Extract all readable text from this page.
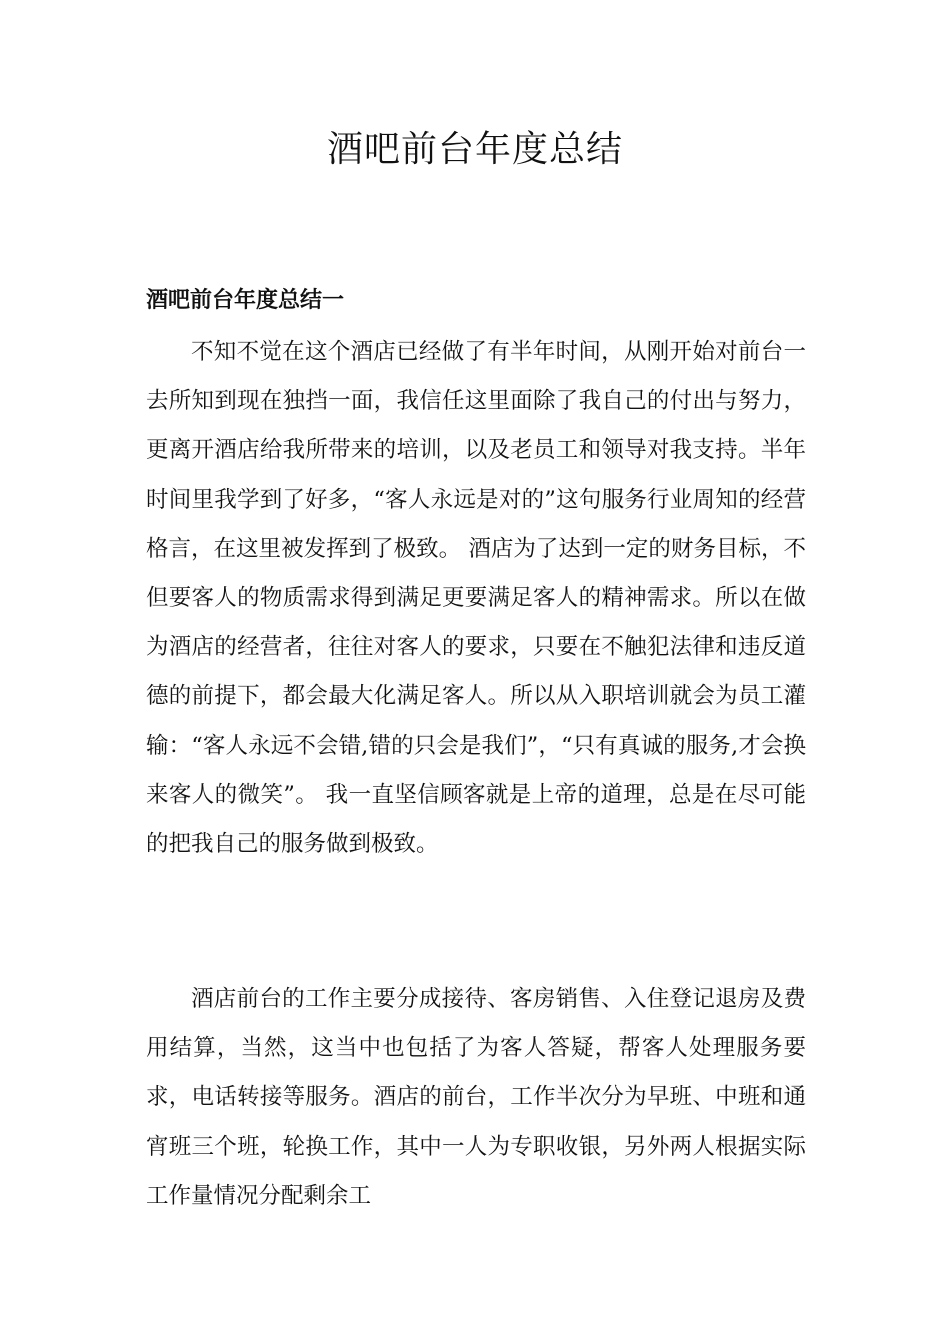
酒吧前台年度总结
酒吧前台年度总结一

不知不觉在这个酒店已经做了有半年时间，从刚开始对前台一去所知到现在独挡一面，我信任这里面除了我自己的付出与努力，更离开酒店给我所带来的培训，以及老员工和领导对我支持。半年时间里我学到了好多，“客人永远是对的”这句服务行业周知的经营格言，在这里被发挥到了极致。 酒店为了达到一定的财务目标，不但要客人的物质需求得到满足更要满足客人的精神需求。所以在做为酒店的经营者，往往对客人的要求，只要在不触犯法律和违反道德的前提下，都会最大化满足客人。所以从入职培训就会为员工灌输：“客人永远不会错,错的只会是我们”，“只有真诚的服务,才会换来客人的微笑”。 我一直坚信顾客就是上帝的道理，总是在尽可能的把我自己的服务做到极致。

酒店前台的工作主要分成接待、客房销售、入住登记退房及费用结算，当然，这当中也包括了为客人答疑，帮客人处理服务要求，电话转接等服务。酒店的前台，工作半次分为早班、中班和通宵班三个班，轮换工作，其中一人为专职收银，另外两人根据实际工作量情况分配剩余工
